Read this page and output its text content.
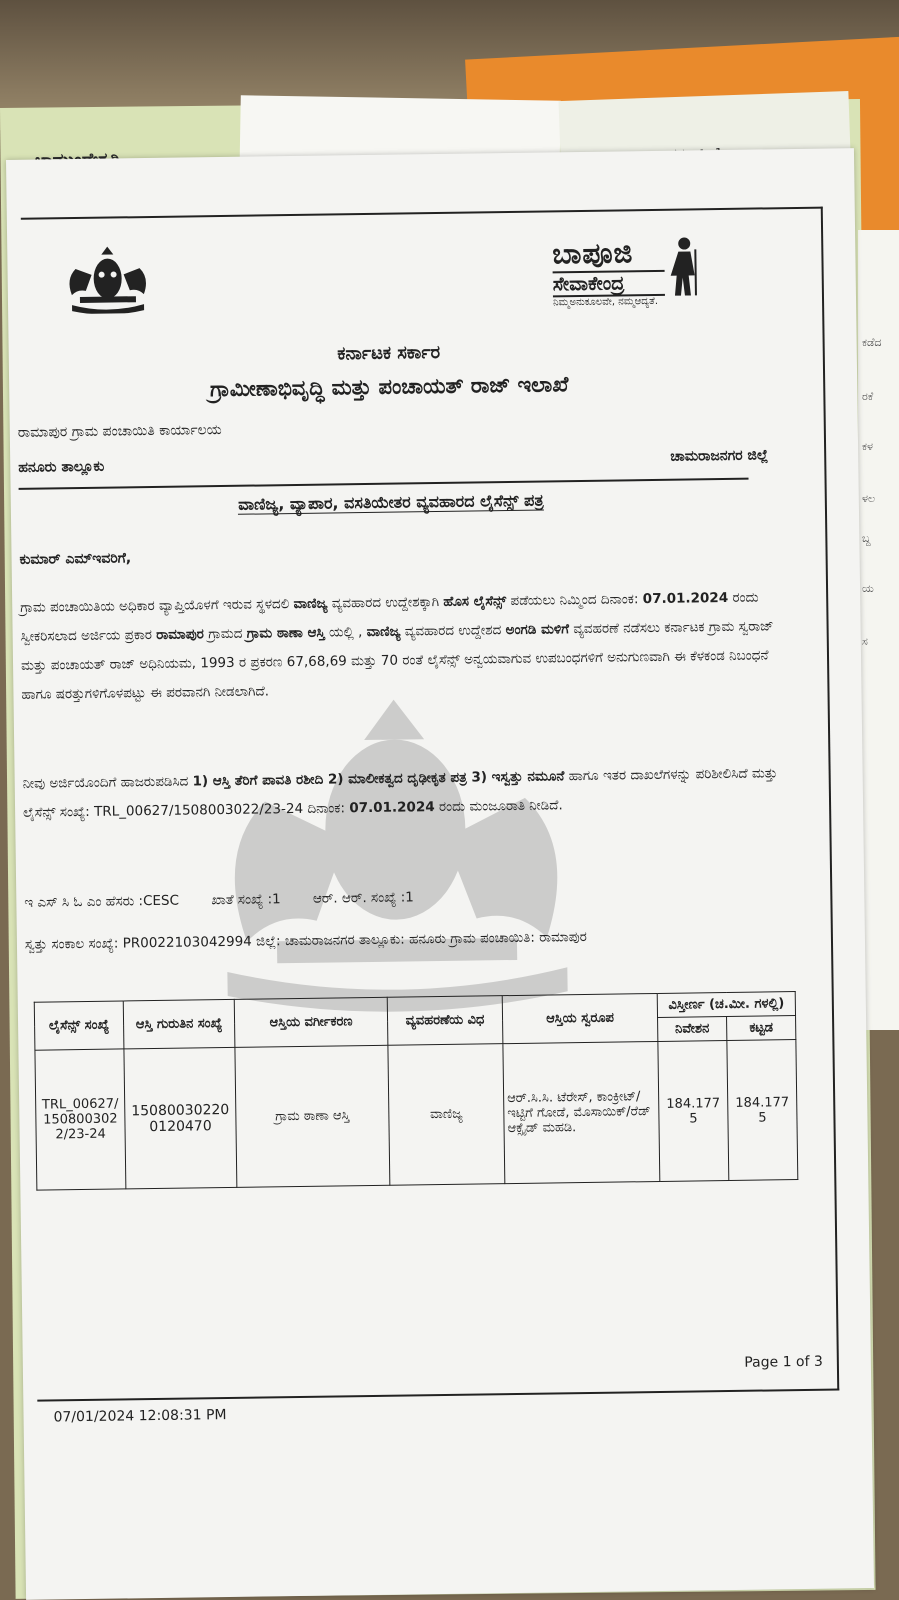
ಕಡೆದ
ರಕೆ
ಕಳ
ಳಲ
ಬ್ದ
ಯ
ಸ
ಬಾಪೂಜಿ
ಸೇವಾಕೇಂದ್ರ
ನಿಮ್ಮಅನುಕೂಲವೇ, ನಮ್ಮಆದ್ಯತೆ.
ಕರ್ನಾಟಕ ಸರ್ಕಾರ
ಗ್ರಾಮೀಣಾಭಿವೃದ್ಧಿ ಮತ್ತು ಪಂಚಾಯತ್ ರಾಜ್ ಇಲಾಖೆ
ರಾಮಾಪುರ ಗ್ರಾಮ ಪಂಚಾಯಿತಿ ಕಾರ್ಯಾಲಯ
ಹನೂರು ತಾಲ್ಲೂಕು
ಚಾಮರಾಜನಗರ ಜಿಲ್ಲೆ
ವಾಣಿಜ್ಯ, ವ್ಯಾಪಾರ, ವಸತಿಯೇತರ ವ್ಯವಹಾರದ ಲೈಸೆನ್ಸ್ ಪತ್ರ
ಕುಮಾರ್ ಎಮ್‌ಇವರಿಗೆ,
ಗ್ರಾಮ ಪಂಚಾಯಿತಿಯ ಅಧಿಕಾರ ವ್ಯಾಪ್ತಿಯೊಳಗೆ ಇರುವ ಸ್ಥಳದಲಿ ವಾಣಿಜ್ಯ ವ್ಯವಹಾರದ ಉದ್ದೇಶಕ್ಕಾಗಿ ಹೊಸ ಲೈಸೆನ್ಸ್ ಪಡೆಯಲು ನಿಮ್ಮಿಂದ ದಿನಾಂಕ: 07.01.2024 ರಂದು ಸ್ವೀಕರಿಸಲಾದ ಅರ್ಜಿಯ ಪ್ರಕಾರ ರಾಮಾಪುರ ಗ್ರಾಮದ ಗ್ರಾಮ ಠಾಣಾ ಆಸ್ತಿ ಯಲ್ಲಿ , ವಾಣಿಜ್ಯ ವ್ಯವಹಾರದ ಉದ್ದೇಶದ ಅಂಗಡಿ ಮಳಿಗೆ ವ್ಯವಹರಣೆ ನಡೆಸಲು ಕರ್ನಾಟಕ ಗ್ರಾಮ ಸ್ವರಾಜ್ ಮತ್ತು ಪಂಚಾಯತ್ ರಾಜ್ ಅಧಿನಿಯಮ, 1993 ರ ಪ್ರಕರಣ 67,68,69 ಮತ್ತು 70 ರಂತೆ ಲೈಸೆನ್ಸ್ ಅನ್ವಯವಾಗುವ ಉಪಬಂಧಗಳಿಗೆ ಅನುಗುಣವಾಗಿ ಈ ಕೆಳಕಂಡ ನಿಬಂಧನೆ ಹಾಗೂ ಷರತ್ತುಗಳಿಗೊಳಪಟ್ಟು ಈ ಪರವಾನಗಿ ನೀಡಲಾಗಿದೆ.
ನೀವು ಅರ್ಜಿಯೊಂದಿಗೆ ಹಾಜರುಪಡಿಸಿದ 1) ಆಸ್ತಿ ತೆರಿಗೆ ಪಾವತಿ ರಶೀದಿ 2) ಮಾಲೀಕತ್ವದ ದೃಢೀಕೃತ ಪತ್ರ 3) ಇಸ್ವತ್ತು ನಮೂನೆ ಹಾಗೂ ಇತರ ದಾಖಲೆಗಳನ್ನು ಪರಿಶೀಲಿಸಿದೆ ಮತ್ತು ಲೈಸೆನ್ಸ್ ಸಂಖ್ಯೆ: TRL_00627/1508003022/23-24 ದಿನಾಂಕ: 07.01.2024 ರಂದು ಮಂಜೂರಾತಿ ನೀಡಿದೆ.
ಇ ಎಸ್ ಸಿ ಓ ಎಂ ಹೆಸರು :CESC ಖಾತೆ ಸಂಖ್ಯೆ :1 ಆರ್. ಆರ್. ಸಂಖ್ಯೆ :1
ಸ್ವತ್ತು ಸಂಕಾಲ ಸಂಖ್ಯೆ: PR0022103042994 ಜಿಲ್ಲೆ: ಚಾಮರಾಜನಗರ ತಾಲ್ಲೂಕು: ಹನೂರು ಗ್ರಾಮ ಪಂಚಾಯಿತಿ: ರಾಮಾಪುರ
ಲೈಸೆನ್ಸ್ ಸಂಖ್ಯೆ	ಆಸ್ತಿ ಗುರುತಿನ ಸಂಖ್ಯೆ	ಆಸ್ತಿಯ ವರ್ಗೀಕರಣ	ವ್ಯವಹರಣೆಯ ವಿಧ	ಆಸ್ತಿಯ ಸ್ವರೂಪ	ವಿಸ್ತೀರ್ಣ (ಚ.ಮೀ. ಗಳಲ್ಲಿ)	
					ನಿವೇಶನ	ಕಟ್ಟಡ
TRL_00627/1508003022/23-24	150800302200120470	ಗ್ರಾಮ ಠಾಣಾ ಆಸ್ತಿ	ವಾಣಿಜ್ಯ	ಆರ್.ಸಿ.ಸಿ. ಟೆರೇಸ್, ಕಾಂಕ್ರೀಟ್/ಇಟ್ಟಿಗೆ ಗೋಡೆ, ಮೊಸಾಯಿಕ್/ರೆಡ್ ಆಕ್ಸೈಡ್ ಮಹಡಿ.	184.1775	184.1775
Page 1 of 3
07/01/2024 12:08:31 PM
